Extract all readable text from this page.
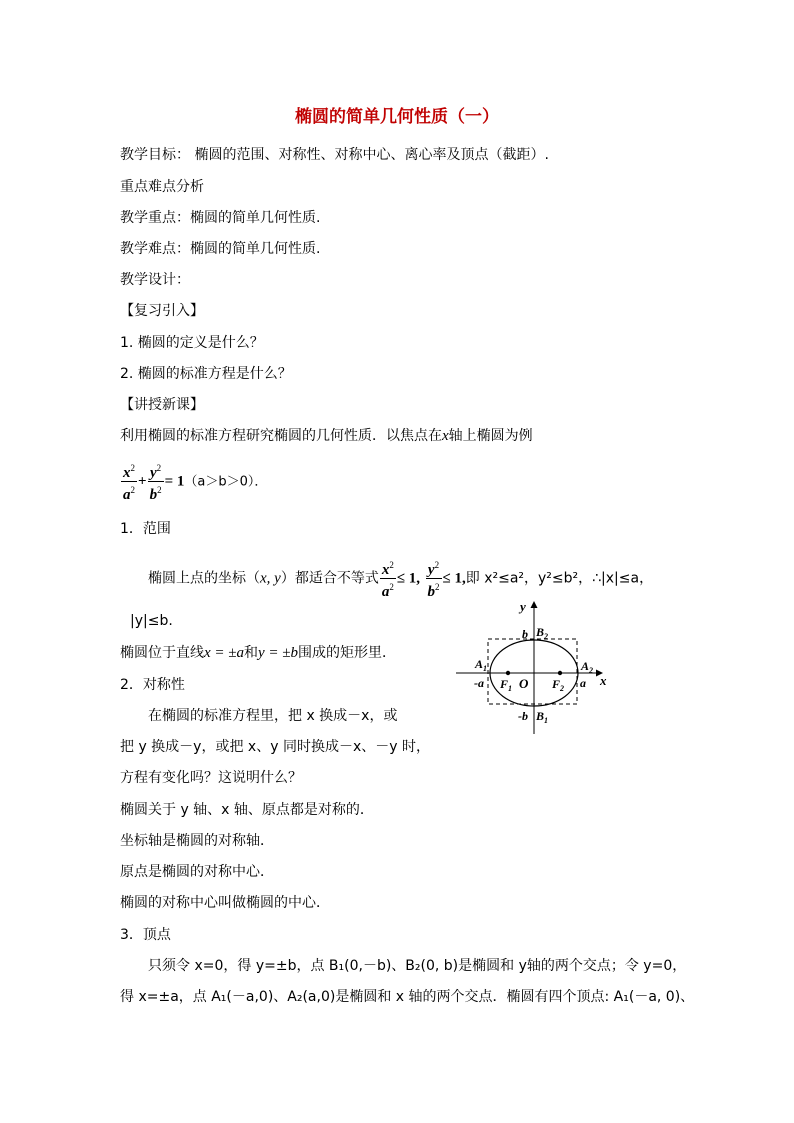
椭圆的简单几何性质（一）
教学目标： 椭圆的范围、对称性、对称中心、离心率及顶点（截距）.
重点难点分析
教学重点：椭圆的简单几何性质.
教学难点：椭圆的简单几何性质.
教学设计：
【复习引入】
1. 椭圆的定义是什么？
2. 椭圆的标准方程是什么？
【讲授新课】
利用椭圆的标准方程研究椭圆的几何性质．以焦点在x轴上椭圆为例
$\frac{x^2}{a^2} + \frac{y^2}{b^2} = 1(a>b>0)$．
1．范围
椭圆上点的坐标（x, y）都适合不等式 $\frac{x^2}{a^2} \le 1$, $\frac{y^2}{b^2} \le 1$,即 x²≤a²，y²≤b²，∴|x|≤a，
|y|≤b.
椭圆位于直线x = ±a和y = ±b围成的矩形里．
2．对称性
在椭圆的标准方程里，把 x 换成－x，或
把 y 换成－y，或把 x、y 同时换成－x、－y 时，
方程有变化吗？这说明什么？
椭圆关于 y 轴、x 轴、原点都是对称的．
坐标轴是椭圆的对称轴．
原点是椭圆的对称中心．
椭圆的对称中心叫做椭圆的中心．
3．顶点
只须令 x=0，得 y=±b，点 B₁(0,－b)、B₂(0, b)是椭圆和 y轴的两个交点；令 y=0，
得 x=±a，点 A₁(－a,0)、A₂(a,0)是椭圆和 x 轴的两个交点．椭圆有四个顶点: A₁(－a, 0)、
y
x
O
b
-b
-a	a
$B_2$
$B_1$
$A_1$	$A_2$
$F_1$	$F_2$
